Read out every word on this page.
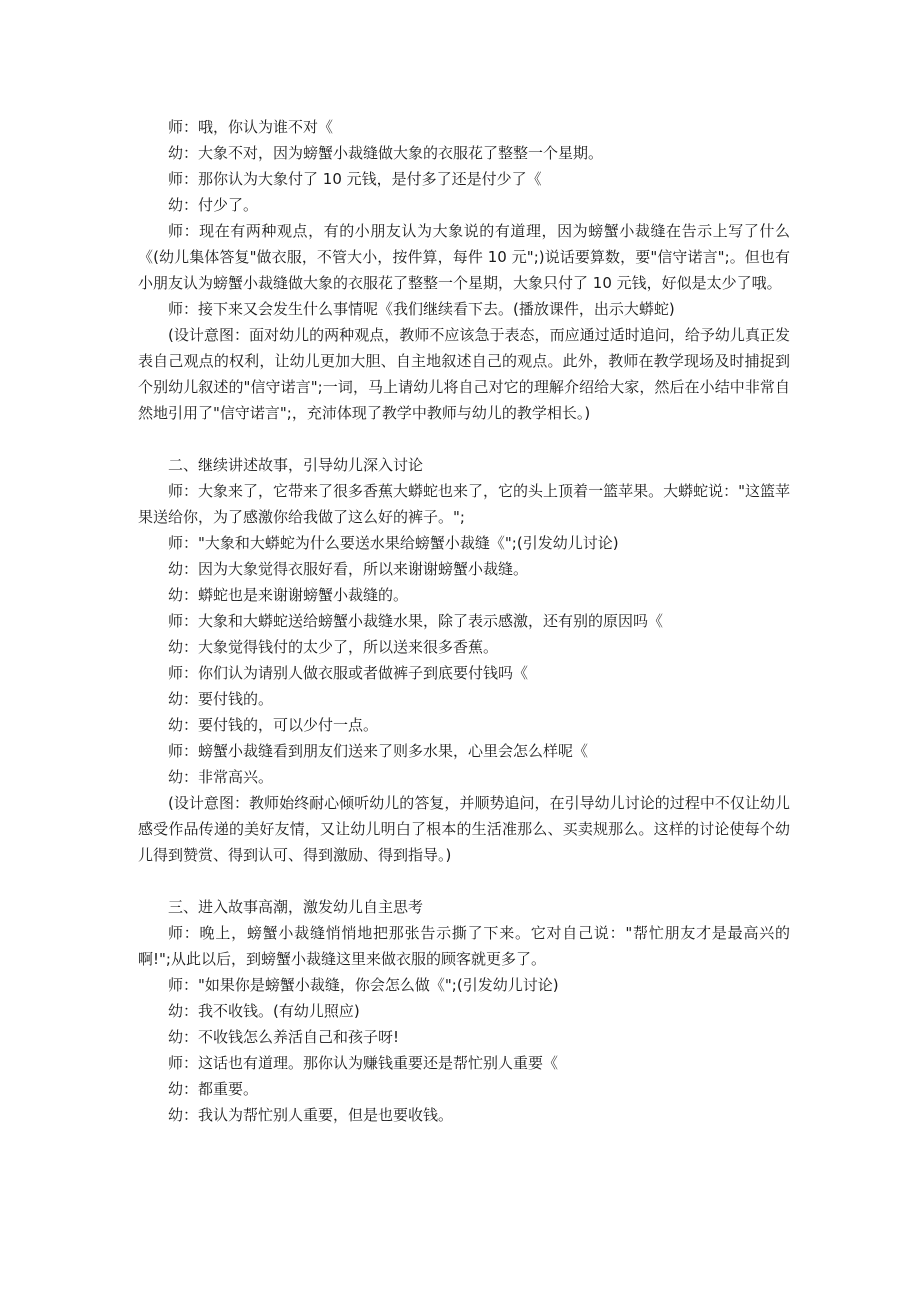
师：哦，你认为谁不对《

幼：大象不对，因为螃蟹小裁缝做大象的衣服花了整整一个星期。

师：那你认为大象付了 10 元钱，是付多了还是付少了《

幼：付少了。

师：现在有两种观点，有的小朋友认为大象说的有道理，因为螃蟹小裁缝在告示上写了什么《(幼儿集体答复"做衣服，不管大小，按件算，每件 10 元";)说话要算数，要"信守诺言";。但也有小朋友认为螃蟹小裁缝做大象的衣服花了整整一个星期，大象只付了 10 元钱，好似是太少了哦。

师：接下来又会发生什么事情呢《我们继续看下去。(播放课件，出示大蟒蛇)

(设计意图：面对幼儿的两种观点，教师不应该急于表态，而应通过适时追问，给予幼儿真正发表自己观点的权利，让幼儿更加大胆、自主地叙述自己的观点。此外，教师在教学现场及时捕捉到个别幼儿叙述的"信守诺言";一词，马上请幼儿将自己对它的理解介绍给大家，然后在小结中非常自然地引用了"信守诺言";，充沛体现了教学中教师与幼儿的教学相长。)

二、继续讲述故事，引导幼儿深入讨论

师：大象来了，它带来了很多香蕉大蟒蛇也来了，它的头上顶着一篮苹果。大蟒蛇说："这篮苹果送给你，为了感激你给我做了这么好的裤子。";

师："大象和大蟒蛇为什么要送水果给螃蟹小裁缝《";(引发幼儿讨论)

幼：因为大象觉得衣服好看，所以来谢谢螃蟹小裁缝。

幼：蟒蛇也是来谢谢螃蟹小裁缝的。

师：大象和大蟒蛇送给螃蟹小裁缝水果，除了表示感激，还有别的原因吗《

幼：大象觉得钱付的太少了，所以送来很多香蕉。

师：你们认为请别人做衣服或者做裤子到底要付钱吗《

幼：要付钱的。

幼：要付钱的，可以少付一点。

师：螃蟹小裁缝看到朋友们送来了则多水果，心里会怎么样呢《

幼：非常高兴。

(设计意图：教师始终耐心倾听幼儿的答复，并顺势追问，在引导幼儿讨论的过程中不仅让幼儿感受作品传递的美好友情，又让幼儿明白了根本的生活准那么、买卖规那么。这样的讨论使每个幼儿得到赞赏、得到认可、得到激励、得到指导。)

三、进入故事高潮，激发幼儿自主思考

师：晚上，螃蟹小裁缝悄悄地把那张告示撕了下来。它对自己说："帮忙朋友才是最高兴的啊!";从此以后，到螃蟹小裁缝这里来做衣服的顾客就更多了。

师："如果你是螃蟹小裁缝，你会怎么做《";(引发幼儿讨论)

幼：我不收钱。(有幼儿照应)

幼：不收钱怎么养活自己和孩子呀!

师：这话也有道理。那你认为赚钱重要还是帮忙别人重要《

幼：都重要。

幼：我认为帮忙别人重要，但是也要收钱。
